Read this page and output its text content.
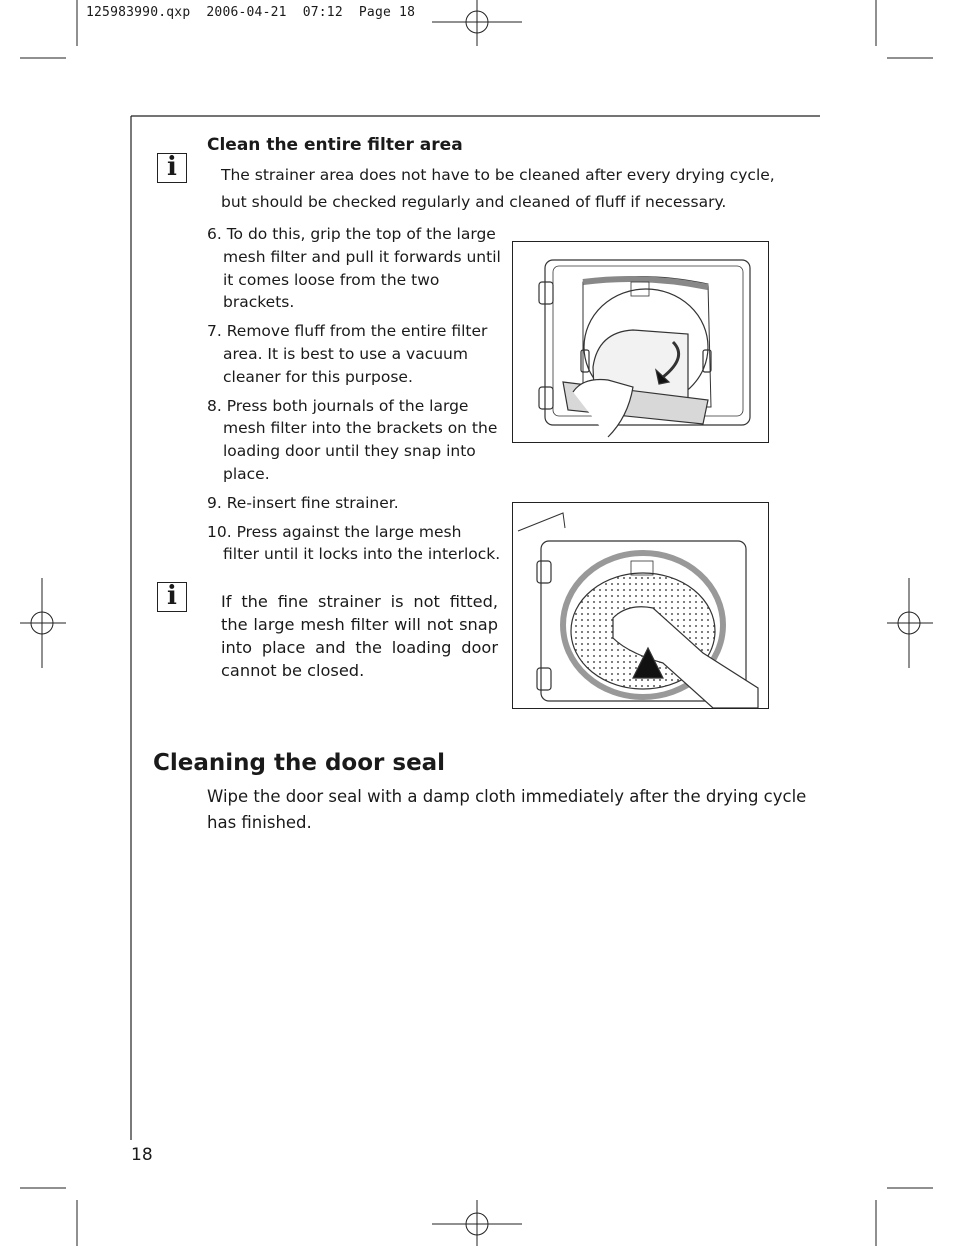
125983990.qxp  2006-04-21  07:12  Page 18
i
Clean the entire filter area
The strainer area does not have to be cleaned after every drying cycle, but should be checked regularly and cleaned of fluff if necessary.
6. To do this, grip the top of the large mesh filter and pull it forwards until it comes loose from the two brackets.
7. Remove fluff from the entire filter area. It is best to use a vacuum cleaner for this purpose.
8. Press both journals of the large mesh filter into the brackets on the loading door until they snap into place.
9. Re-insert fine strainer.
10. Press against the large mesh filter until it locks into the interlock.
i	If the fine strainer is not fitted, the large mesh filter will not snap into place and the loading door cannot be closed.
Cleaning the door seal
Wipe the door seal with a damp cloth immediately after the drying cycle has finished.
18
